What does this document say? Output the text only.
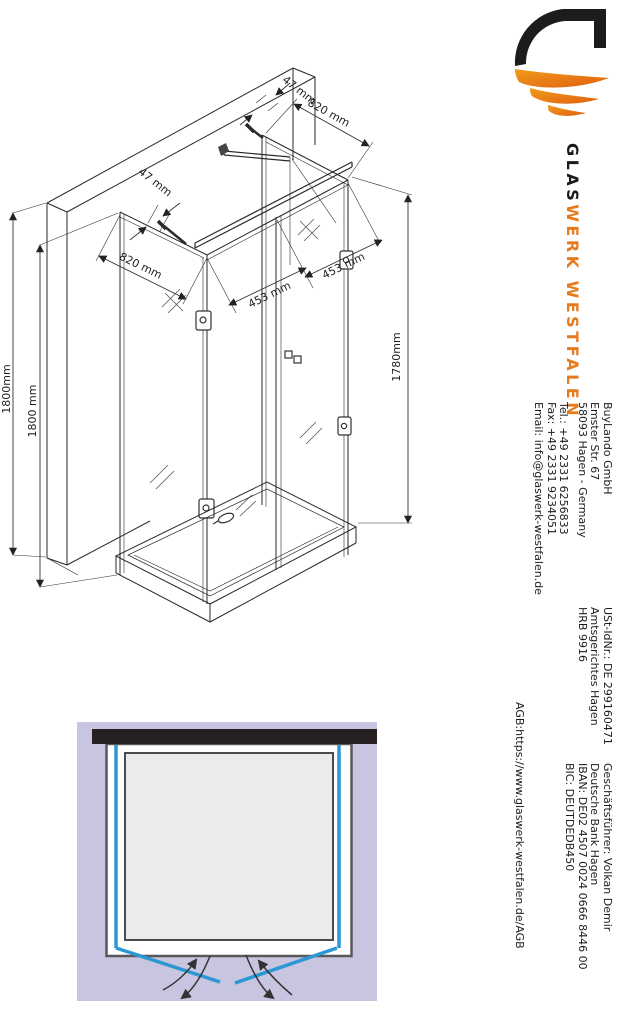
1800mm 1800 mm
1780mm
820 mm
820 mm
453 mm
453 mm
47 mm
47 mm
GLASWERK WESTFALEN
BuyLando GmbH
Emster Str. 67
58093 Hagen - Germany
Tel.: +49 2331 6256833
Fax: +49 2331 9234051
Email: info@glaswerk-westfalen.de
USt-IdNr.: DE 299160471
Amtsgerichtes Hagen
HRB 9916
Geschäftsführer: Volkan Demir
Deutsche Bank Hagen
IBAN: DE02 4507 0024 0666 8446 00
BIC: DEUTDEDB450
AGB:https://www.glaswerk-westfalen.de/AGB
